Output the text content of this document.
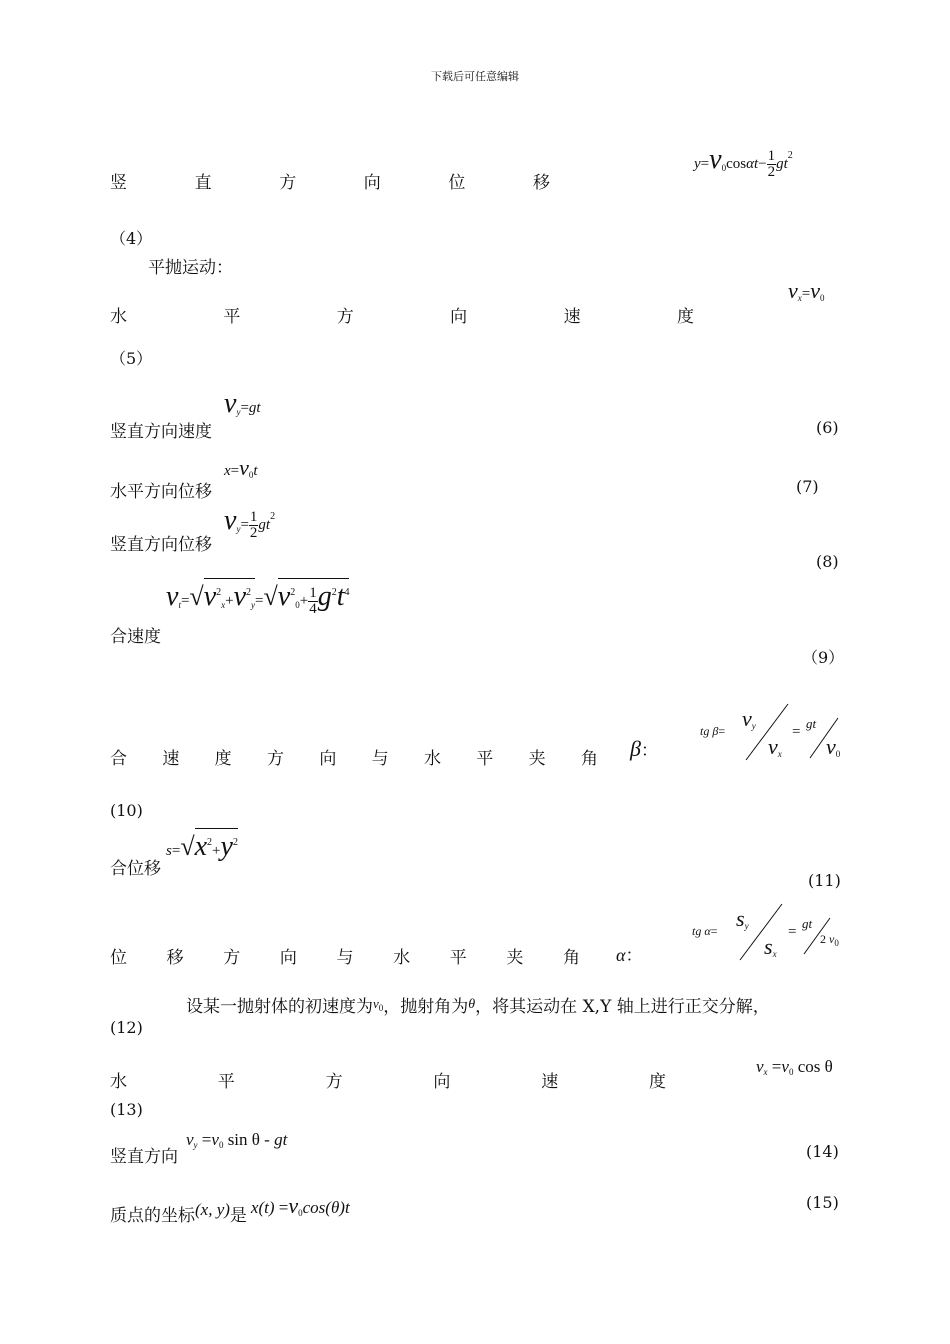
下载后可任意编辑
竖	直	方	向	位	移
$y=v_0\cos\alpha t- \frac{1}{2} gt^2$
（4）
平抛运动：
水	平	方	向	速	度
$v_x=v_0$
（5）
竖直方向速度
$v_y=gt$
(6)
水平方向位移
$x=v_0t$
(7)
竖直方向位移
$v_y= \frac{1}{2} gt^2$
(8)
合速度
$v_t=√v^2_x+v^2_y=√v^2_0+ \frac{1}{4} g^2t^4$
（9）
合 速 度 方 向 与 水 平 夹 角 β：
tg $\beta= v_y$
$v_x$
=
gt
$v_0$
(10)
合位移
$s=√x^2+y^2$
(11)
位 移 方 向 与 水 平 夹 角 α：
tg $\alpha= s_y$
$s_x$
=
gt
2 $v_0$
设某一抛射体的初速度为$^{v_0}$，抛射角为$^\theta$，将其运动在 X,Y 轴上进行正交分解，
(12)
水	平	方	向	速	度
$v_x =v_0$ cos θ
(13)
竖直方向
$v_y =v_0$ sin θ - gt
(14)
质点的坐标(x, y)是 $x(t) =v_0\cos(\theta)t$	(15)
